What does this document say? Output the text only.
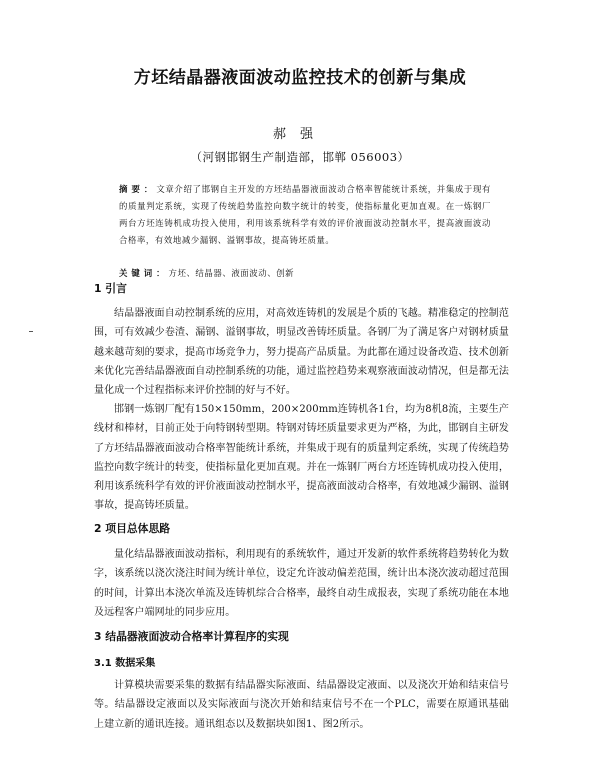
方坯结晶器液面波动监控技术的创新与集成
郝强
（河钢邯钢生产制造部，邯郸 056003）
摘要：文章介绍了邯钢自主开发的方坯结晶器液面波动合格率智能统计系统，并集成于现有的质量判定系统，实现了传统趋势监控向数字统计的转变，使指标量化更加直观。在一炼钢厂两台方坯连铸机成功投入使用，利用该系统科学有效的评价液面波动控制水平，提高液面波动合格率，有效地减少漏钢、溢钢事故，提高铸坯质量。
关键词：方坯、结晶器、液面波动、创新
1 引言
结晶器液面自动控制系统的应用，对高效连铸机的发展是个质的飞越。精准稳定的控制范围，可有效减少卷渣、漏钢、溢钢事故，明显改善铸坯质量。各钢厂为了满足客户对钢材质量越来越苛刻的要求，提高市场竞争力，努力提高产品质量。为此都在通过设备改造、技术创新来优化完善结晶器液面自动控制系统的功能，通过监控趋势来观察液面波动情况，但是都无法量化成一个过程指标来评价控制的好与不好。
邯钢一炼钢厂配有150×150mm，200×200mm连铸机各1台，均为8机8流，主要生产线材和棒材，目前正处于向特钢转型期。特钢对铸坯质量要求更为严格，为此，邯钢自主研发了方坯结晶器液面波动合格率智能统计系统，并集成于现有的质量判定系统，实现了传统趋势监控向数字统计的转变，使指标量化更加直观。并在一炼钢厂两台方坯连铸机成功投入使用，利用该系统科学有效的评价液面波动控制水平，提高液面波动合格率，有效地减少漏钢、溢钢事故，提高铸坯质量。
2 项目总体思路
量化结晶器液面波动指标，利用现有的系统软件，通过开发新的软件系统将趋势转化为数字，该系统以浇次浇注时间为统计单位，设定允许波动偏差范围，统计出本浇次波动超过范围的时间，计算出本浇次单流及连铸机综合合格率，最终自动生成报表，实现了系统功能在本地及远程客户端网址的同步应用。
3 结晶器液面波动合格率计算程序的实现
3.1 数据采集
计算模块需要采集的数据有结晶器实际液面、结晶器设定液面、以及浇次开始和结束信号等。结晶器设定液面以及实际液面与浇次开始和结束信号不在一个PLC，需要在原通讯基础上建立新的通讯连接。通讯组态以及数据块如图1、图2所示。
